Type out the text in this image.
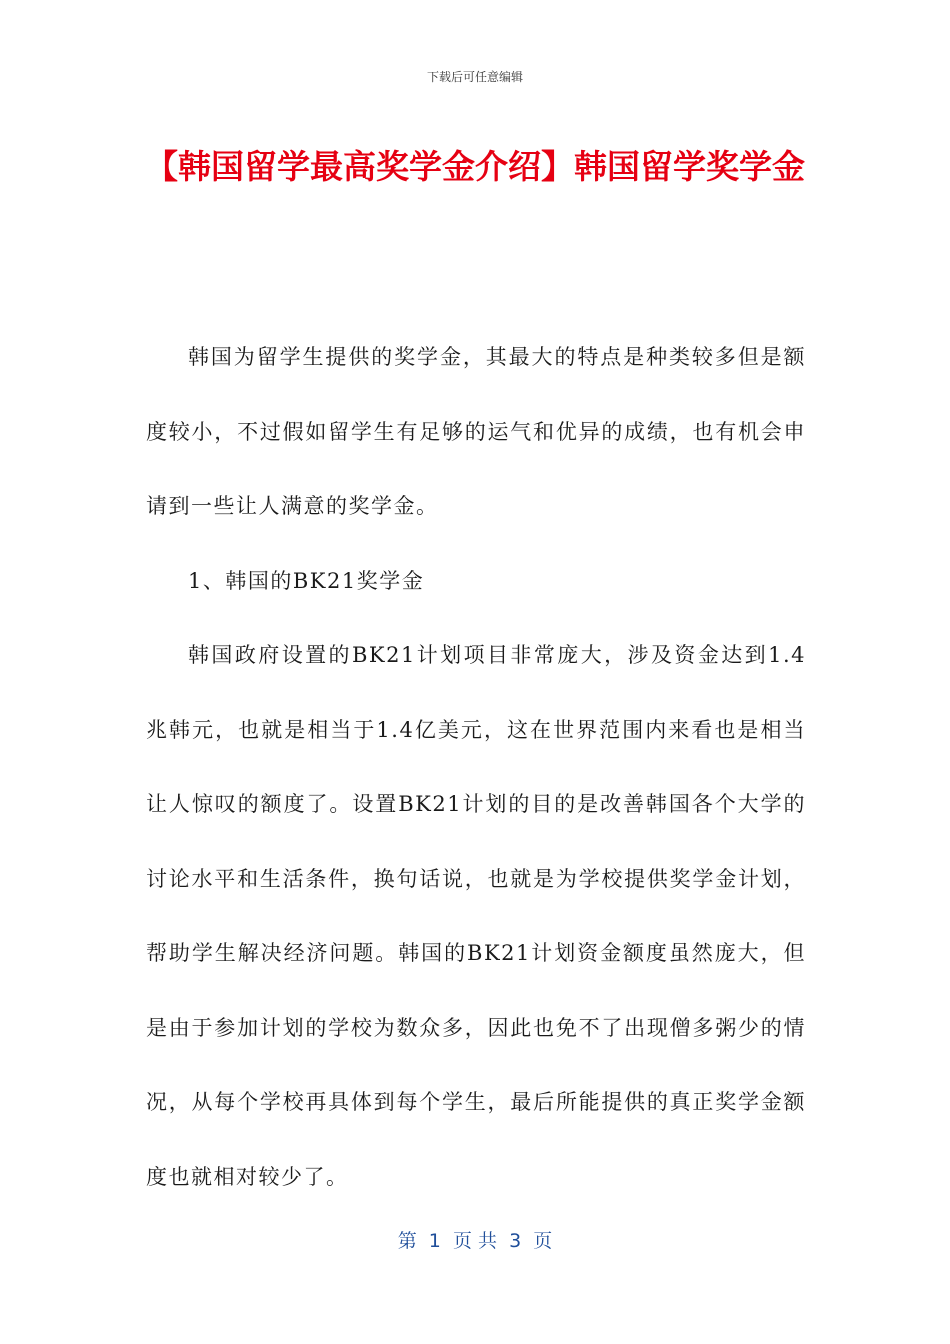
下载后可任意编辑
【韩国留学最高奖学金介绍】韩国留学奖学金

韩国为留学生提供的奖学金，其最大的特点是种类较多但是额度较小，不过假如留学生有足够的运气和优异的成绩，也有机会申请到一些让人满意的奖学金。

1、韩国的BK21奖学金

韩国政府设置的BK21计划项目非常庞大，涉及资金达到1.4兆韩元，也就是相当于1.4亿美元，这在世界范围内来看也是相当让人惊叹的额度了。设置BK21计划的目的是改善韩国各个大学的讨论水平和生活条件，换句话说，也就是为学校提供奖学金计划，帮助学生解决经济问题。韩国的BK21计划资金额度虽然庞大，但是由于参加计划的学校为数众多，因此也免不了出现僧多粥少的情况，从每个学校再具体到每个学生，最后所能提供的真正奖学金额度也就相对较少了。

第  1  页 共  3  页
